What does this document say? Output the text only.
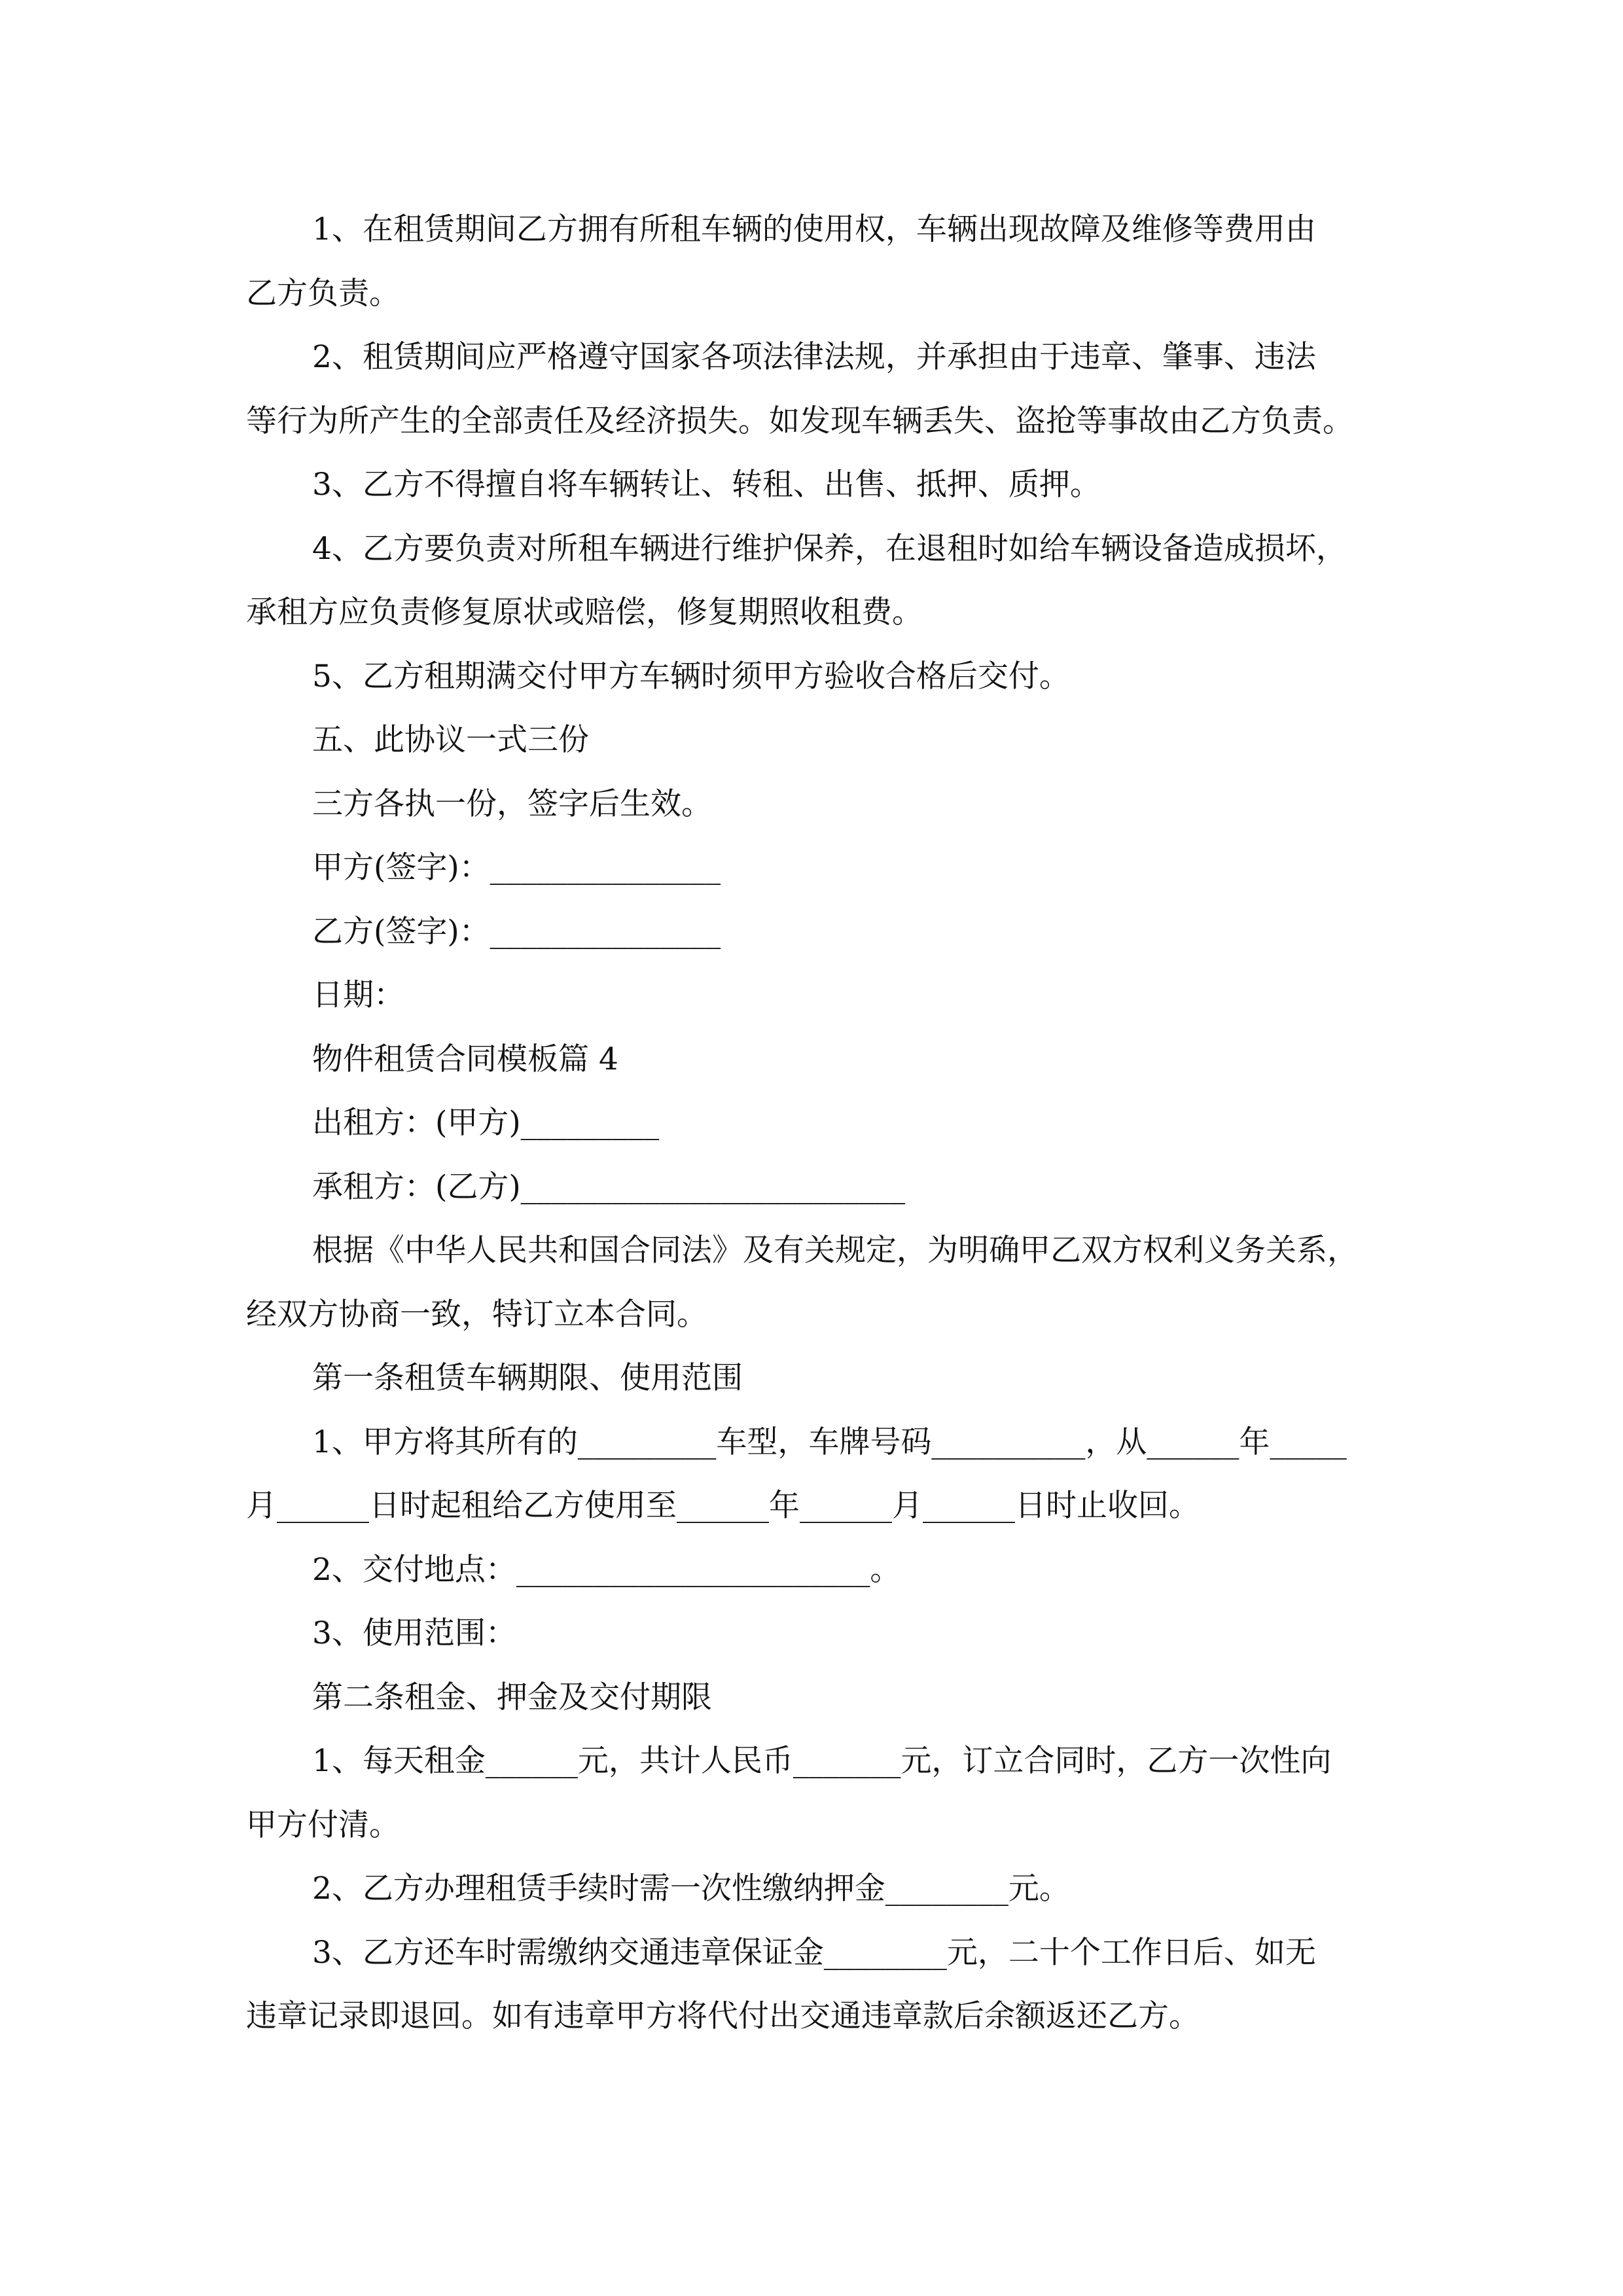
1、在租赁期间乙方拥有所租车辆的使用权，车辆出现故障及维修等费用由
乙方负责。
2、租赁期间应严格遵守国家各项法律法规，并承担由于违章、肇事、违法
等行为所产生的全部责任及经济损失。如发现车辆丢失、盗抢等事故由乙方负责。
3、乙方不得擅自将车辆转让、转租、出售、抵押、质押。
4、乙方要负责对所租车辆进行维护保养，在退租时如给车辆设备造成损坏，
承租方应负责修复原状或赔偿，修复期照收租费。
5、乙方租期满交付甲方车辆时须甲方验收合格后交付。
五、此协议一式三份
三方各执一份，签字后生效。
甲方(签字)：_______________
乙方(签字)：_______________
日期：
物件租赁合同模板篇 4
出租方：(甲方)_________
承租方：(乙方)_________________________
根据《中华人民共和国合同法》及有关规定，为明确甲乙双方权利义务关系，
经双方协商一致，特订立本合同。
第一条租赁车辆期限、使用范围
1、甲方将其所有的_________车型，车牌号码__________，从______年_____
月______日时起租给乙方使用至______年______月______日时止收回。
2、交付地点：_______________________。
3、使用范围：
第二条租金、押金及交付期限
1、每天租金______元，共计人民币_______元，订立合同时，乙方一次性向
甲方付清。
2、乙方办理租赁手续时需一次性缴纳押金________元。
3、乙方还车时需缴纳交通违章保证金________元，二十个工作日后、如无
违章记录即退回。如有违章甲方将代付出交通违章款后余额返还乙方。
